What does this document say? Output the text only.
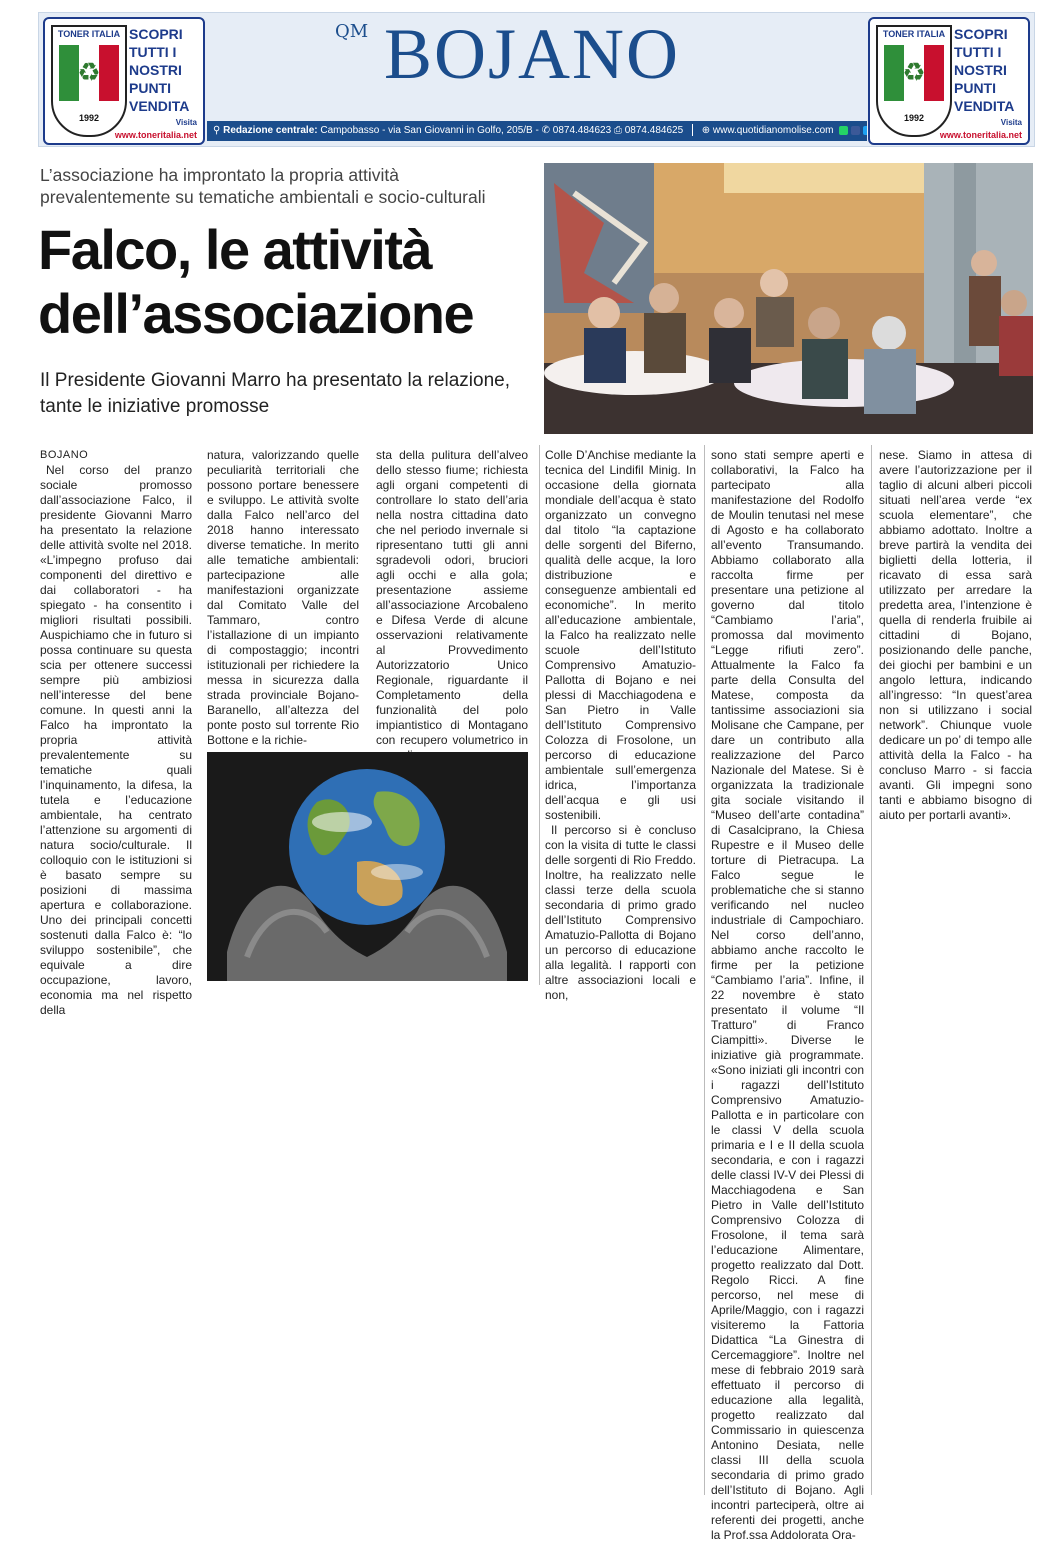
TONER ITALIA
♻
1992
SCOPRI TUTTI I NOSTRI PUNTI VENDITA
Visita
www.toneritalia.net
QM BOJANO
⚲ Redazione centrale: Campobasso - via San Giovanni in Golfo, 205/B - ✆ 0874.484623 ⎙ 0874.484625 ⊕ www.quotidianomolise.com
TONER ITALIA
♻
1992
SCOPRI TUTTI I NOSTRI PUNTI VENDITA
Visita
www.toneritalia.net
L’associazione ha improntato la propria attività prevalentemente su tematiche ambientali e socio-culturali
Falco, le attività dell’associazione
Il Presidente Giovanni Marro ha presentato la relazione, tante le iniziative promosse

BOJANO

Nel corso del pranzo sociale promosso dall’associazione Falco, il presidente Giovanni Marro ha presentato la relazione delle attività svolte nel 2018. «L’impegno profuso dai componenti del direttivo e dai collaboratori - ha spiegato - ha consentito i migliori risultati possibili. Auspichiamo che in futuro si possa continuare su questa scia per ottenere successi sempre più ambiziosi nell’interesse del bene comune. In questi anni la Falco ha improntato la propria attività prevalentemente su tematiche quali l’inquinamento, la difesa, la tutela e l’educazione ambientale, ha centrato l’attenzione su argomenti di natura socio/culturale. Il colloquio con le istituzioni si è basato sempre su posizioni di massima apertura e collaborazione. Uno dei principali concetti sostenuti dalla Falco è: “lo sviluppo sostenibile”, che equivale a dire occupazione, lavoro, economia ma nel rispetto della

natura, valorizzando quelle peculiarità territoriali che possono portare benessere e sviluppo. Le attività svolte dalla Falco nell’arco del 2018 hanno interessato diverse tematiche. In merito alle tematiche ambientali: partecipazione alle manifestazioni organizzate dal Comitato Valle del Tammaro, contro l’istallazione di un impianto di compostaggio; incontri istituzionali per richiedere la messa in sicurezza dalla strada provinciale Bojano-Baranello, all’altezza del ponte posto sul torrente Rio Bottone e la richie-

sta della pulitura dell’alveo dello stesso fiume; richiesta agli organi competenti di controllare lo stato dell’aria nella nostra cittadina dato che nel periodo invernale si ripresentano tutti gli anni sgradevoli odori, bruciori agli occhi e alla gola; presentazione assieme all’associazione Arcobaleno e Difesa Verde di alcune osservazioni relativamente al Provvedimento Autorizzatorio Unico Regionale, riguardante il Completamento della funzionalità del polo impiantistico di Montagano con recupero volumetrico in

Colle D’Anchise mediante la tecnica del Lindifil Minig. In occasione della giornata mondiale dell’acqua è stato organizzato un convegno dal titolo “la captazione delle sorgenti del Biferno, qualità delle acque, la loro distribuzione e conseguenze ambientali ed economiche”. In merito all’educazione ambientale, la Falco ha realizzato nelle scuole dell’Istituto Comprensivo Amatuzio-Pallotta di Bojano e nei plessi di Macchiagodena e San Pietro in Valle dell’Istituto Comprensivo Colozza di Frosolone, un percorso di educazione ambientale sull’emergenza idrica, l’importanza dell’acqua e gli usi sostenibili.

Il percorso si è concluso con la visita di tutte le classi delle sorgenti di Rio Freddo. Inoltre, ha realizzato nelle classi terze della scuola secondaria di primo grado dell’Istituto Comprensivo Amatuzio-Pallotta di Bojano un percorso di educazione alla legalità. I rapporti con altre associazioni locali e non,

sono stati sempre aperti e collaborativi, la Falco ha partecipato alla manifestazione del Rodolfo de Moulin tenutasi nel mese di Agosto e ha collaborato all’evento Transumando. Abbiamo collaborato alla raccolta firme per presentare una petizione al governo dal titolo “Cambiamo l’aria”, promossa dal movimento “Legge rifiuti zero”. Attualmente la Falco fa parte della Consulta del Matese, composta da tantissime associazioni sia Molisane che Campane, per dare un contributo alla realizzazione del Parco Nazionale del Matese. Si è organizzata la tradizionale gita sociale visitando il “Museo dell’arte contadina” di Casalciprano, la Chiesa Rupestre e il Museo delle torture di Pietracupa. La Falco segue le problematiche che si stanno verificando nel nucleo industriale di Campochiaro. Nel corso dell’anno, abbiamo anche raccolto le firme per la petizione “Cambiamo l’aria”. Infine, il 22 novembre è stato presentato il volume “Il Tratturo” di Franco Ciampitti». Diverse le iniziative già programmate. «Sono iniziati gli incontri con i ragazzi dell’Istituto Comprensivo Amatuzio-Pallotta e in particolare con le classi V della scuola primaria e I e II della scuola secondaria, e con i ragazzi delle classi IV-V dei Plessi di Macchiagodena e San Pietro in Valle dell’Istituto Comprensivo Colozza di Frosolone, il tema sarà l’educazione Alimentare, progetto realizzato dal Dott. Regolo Ricci. A fine percorso, nel mese di Aprile/Maggio, con i ragazzi visiteremo la Fattoria Didattica “La Ginestra di Cercemaggiore”. Inoltre nel mese di febbraio 2019 sarà effettuato il percorso di educazione alla legalità, progetto realizzato dal Commissario in quiescenza Antonino Desiata, nelle classi III della scuola secondaria di primo grado dell’Istituto di Bojano. Agli incontri parteciperà, oltre ai referenti dei progetti, anche la Prof.ssa Addolorata Ora-

nese. Siamo in attesa di avere l’autorizzazione per il taglio di alcuni alberi piccoli situati nell’area verde “ex scuola elementare”, che abbiamo adottato. Inoltre a breve partirà la vendita dei biglietti della lotteria, il ricavato di essa sarà utilizzato per arredare la predetta area, l’intenzione è quella di renderla fruibile ai cittadini di Bojano, posizionando delle panche, dei giochi per bambini e un angolo lettura, indicando all’ingresso: “In quest’area non si utilizzano i social network”. Chiunque vuole dedicare un po’ di tempo alle attività della la Falco - ha concluso Marro - si faccia avanti. Gli impegni sono tanti e abbiamo bisogno di aiuto per portarli avanti».
